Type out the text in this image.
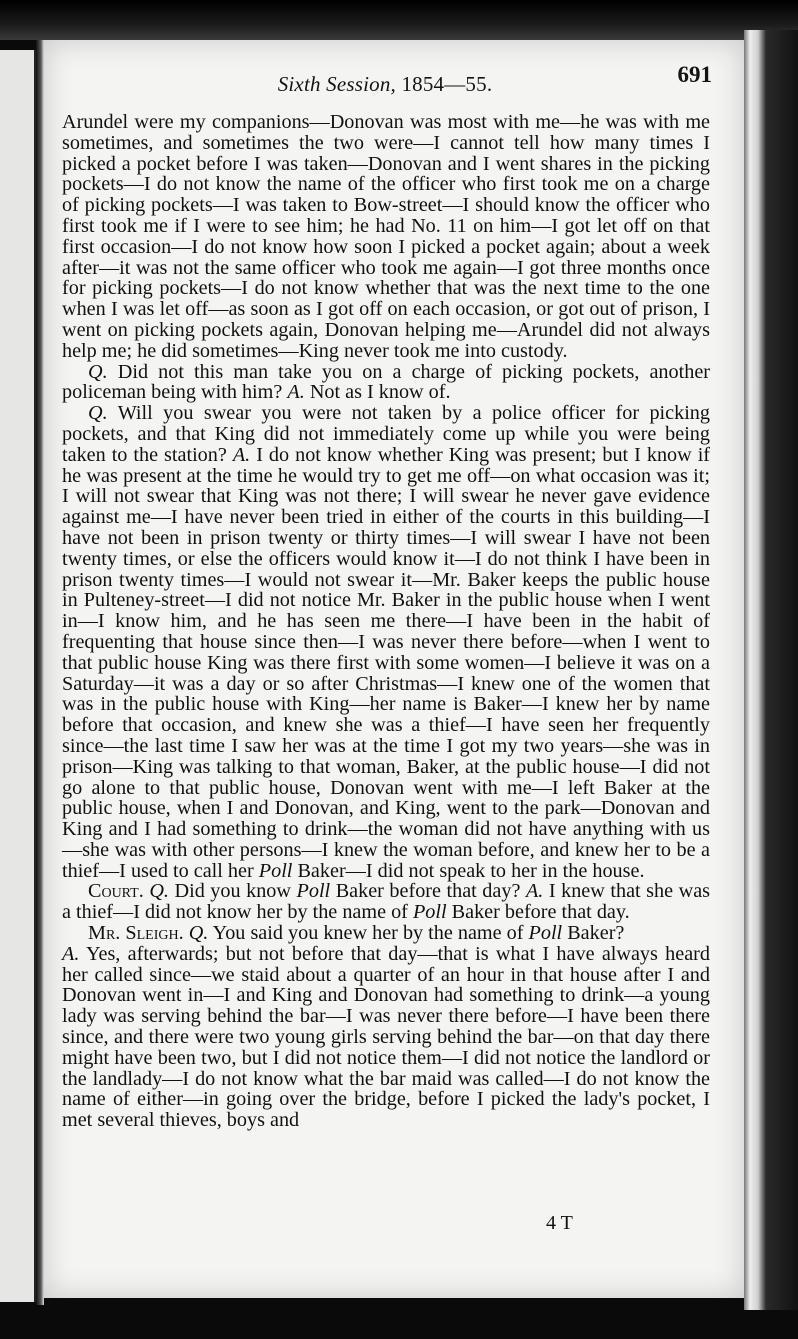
Sixth Session, 1854—55.	691

Arundel were my companions—Donovan was most with me—he was with me sometimes, and sometimes the two were—I cannot tell how many times I picked a pocket before I was taken—Donovan and I went shares in the picking pockets—I do not know the name of the officer who first took me on a charge of picking pockets—I was taken to Bow-street—I should know the officer who first took me if I were to see him; he had No. 11 on him—I got let off on that first occasion—I do not know how soon I picked a pocket again; about a week after—it was not the same officer who took me again—I got three months once for picking pockets—I do not know whether that was the next time to the one when I was let off—as soon as I got off on each occasion, or got out of prison, I went on picking pockets again, Donovan helping me—Arundel did not always help me; he did sometimes—King never took me into custody.

Q. Did not this man take you on a charge of picking pockets, another policeman being with him? A. Not as I know of.

Q. Will you swear you were not taken by a police officer for picking pockets, and that King did not immediately come up while you were being taken to the station? A. I do not know whether King was present; but I know if he was present at the time he would try to get me off—on what occasion was it; I will not swear that King was not there; I will swear he never gave evidence against me—I have never been tried in either of the courts in this building—I have not been in prison twenty or thirty times—I will swear I have not been twenty times, or else the officers would know it—I do not think I have been in prison twenty times—I would not swear it—Mr. Baker keeps the public house in Pulteney-street—I did not notice Mr. Baker in the public house when I went in—I know him, and he has seen me there—I have been in the habit of frequenting that house since then—I was never there before—when I went to that public house King was there first with some women—I believe it was on a Saturday—it was a day or so after Christmas—I knew one of the women that was in the public house with King—her name is Baker—I knew her by name before that occasion, and knew she was a thief—I have seen her frequently since—the last time I saw her was at the time I got my two years—she was in prison—King was talking to that woman, Baker, at the public house—I did not go alone to that public house, Donovan went with me—I left Baker at the public house, when I and Donovan, and King, went to the park—Donovan and King and I had something to drink—the woman did not have anything with us—she was with other persons—I knew the woman before, and knew her to be a thief—I used to call her Poll Baker—I did not speak to her in the house.

Court. Q. Did you know Poll Baker before that day? A. I knew that she was a thief—I did not know her by the name of Poll Baker before that day.

Mr. Sleigh. Q. You said you knew her by the name of Poll Baker?
A. Yes, afterwards; but not before that day—that is what I have always heard her called since—we staid about a quarter of an hour in that house after I and Donovan went in—I and King and Donovan had something to drink—a young lady was serving behind the bar—I was never there before—I have been there since, and there were two young girls serving behind the bar—on that day there might have been two, but I did not notice them—I did not notice the landlord or the landlady—I do not know what the bar maid was called—I do not know the name of either—in going over the bridge, before I picked the lady's pocket, I met several thieves, boys and

4 T
